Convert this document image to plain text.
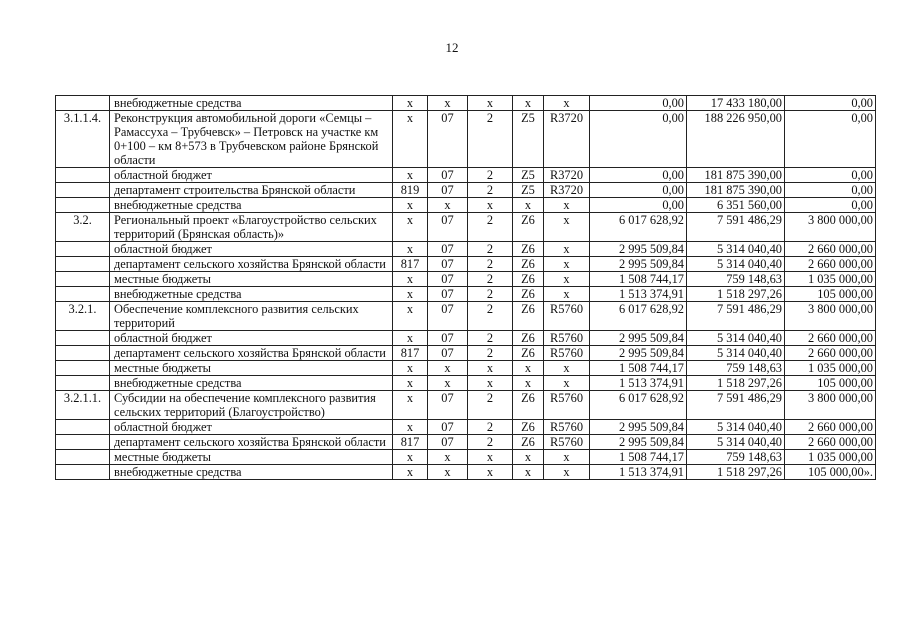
12
	внебюджетные средства	x	x	x	x	x	0,00	17 433 180,00	0,00
3.1.1.4.	Реконструкция автомобильной дороги «Семцы – Рамассуха – Трубчевск» – Петровск на участке км 0+100 – км 8+573 в Трубчевском районе Брянской области	x	07	2	Z5	R3720	0,00	188 226 950,00	0,00
	областной бюджет	x	07	2	Z5	R3720	0,00	181 875 390,00	0,00
	департамент строительства Брянской области	819	07	2	Z5	R3720	0,00	181 875 390,00	0,00
	внебюджетные средства	x	x	x	x	x	0,00	6 351 560,00	0,00
3.2.	Региональный проект «Благоустройство сельских территорий (Брянская область)»	x	07	2	Z6	x	6 017 628,92	7 591 486,29	3 800 000,00
	областной бюджет	x	07	2	Z6	x	2 995 509,84	5 314 040,40	2 660 000,00
	департамент сельского хозяйства Брянской области	817	07	2	Z6	x	2 995 509,84	5 314 040,40	2 660 000,00
	местные бюджеты	x	07	2	Z6	x	1 508 744,17	759 148,63	1 035 000,00
	внебюджетные средства	x	07	2	Z6	x	1 513 374,91	1 518 297,26	105 000,00
3.2.1.	Обеспечение комплексного развития сельских территорий	x	07	2	Z6	R5760	6 017 628,92	7 591 486,29	3 800 000,00
	областной бюджет	x	07	2	Z6	R5760	2 995 509,84	5 314 040,40	2 660 000,00
	департамент сельского хозяйства Брянской области	817	07	2	Z6	R5760	2 995 509,84	5 314 040,40	2 660 000,00
	местные бюджеты	x	x	x	x	x	1 508 744,17	759 148,63	1 035 000,00
	внебюджетные средства	x	x	x	x	x	1 513 374,91	1 518 297,26	105 000,00
3.2.1.1.	Субсидии на обеспечение комплексного развития сельских территорий (Благоустройство)	x	07	2	Z6	R5760	6 017 628,92	7 591 486,29	3 800 000,00
	областной бюджет	x	07	2	Z6	R5760	2 995 509,84	5 314 040,40	2 660 000,00
	департамент сельского хозяйства Брянской области	817	07	2	Z6	R5760	2 995 509,84	5 314 040,40	2 660 000,00
	местные бюджеты	x	x	x	x	x	1 508 744,17	759 148,63	1 035 000,00
	внебюджетные средства	x	x	x	x	x	1 513 374,91	1 518 297,26	105 000,00».
